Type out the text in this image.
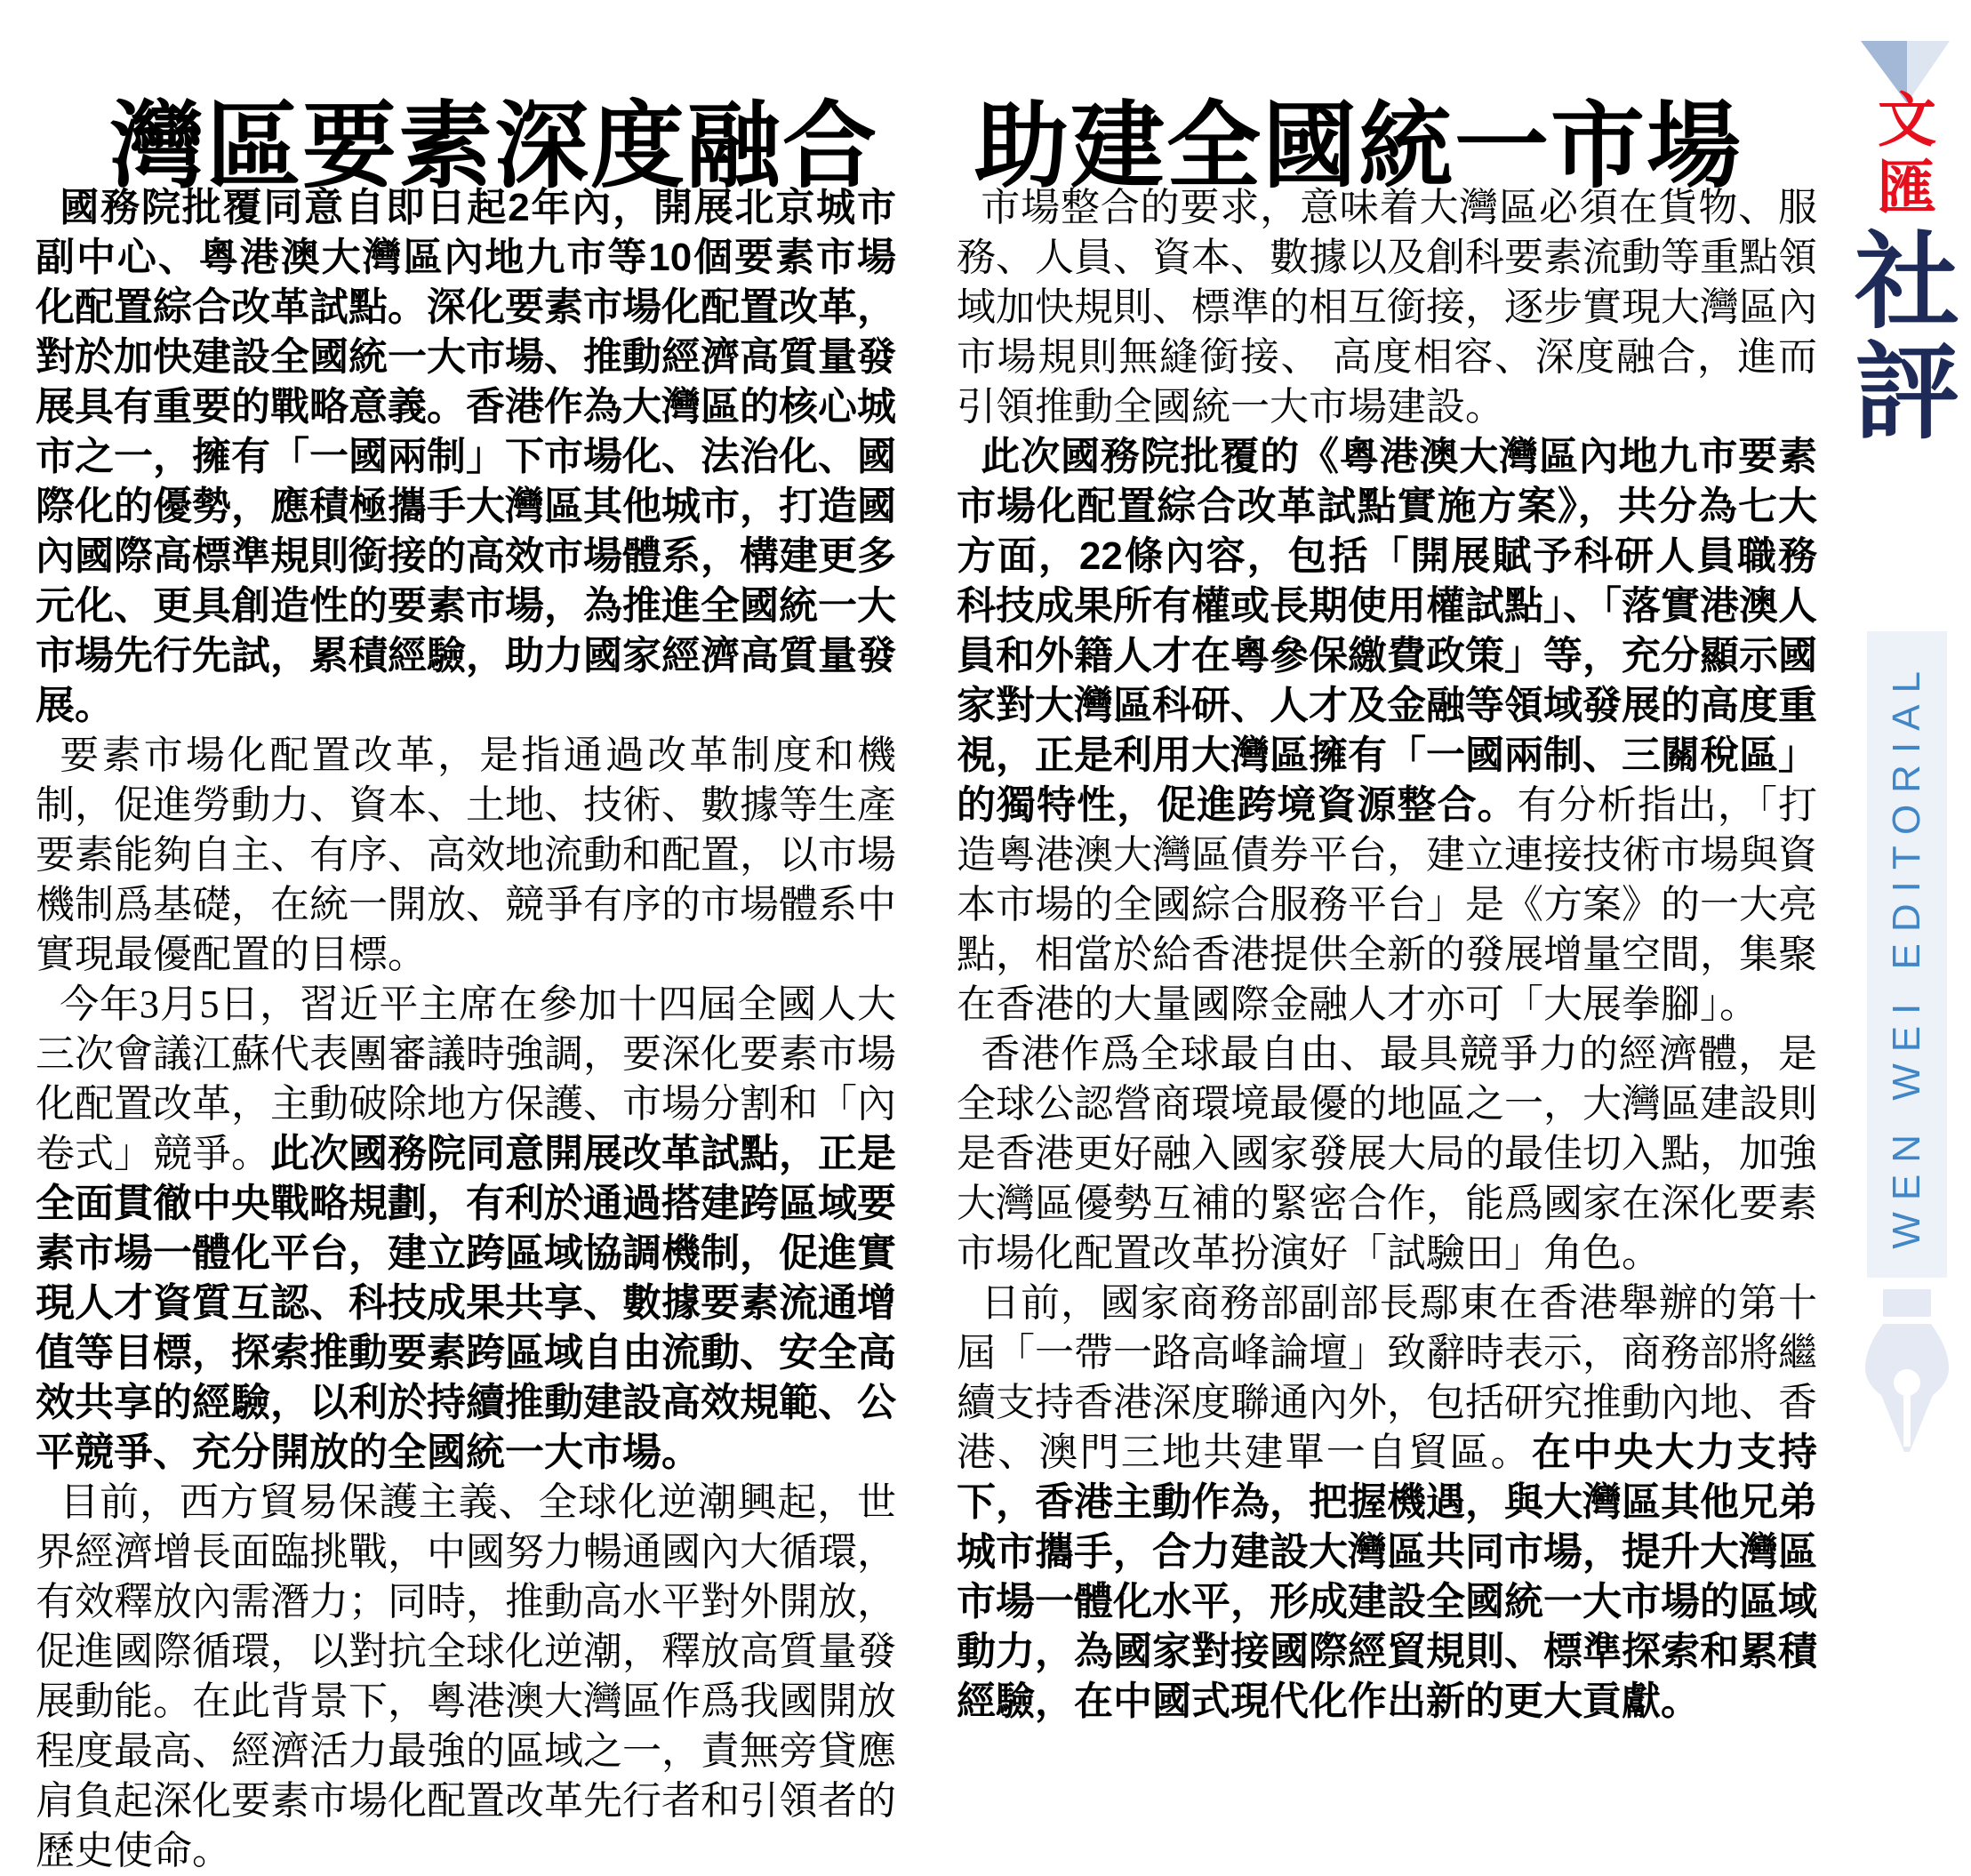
灣區要素深度融合　助建全國統一市場

國務院批覆同意自即日起2年內，開展北京城市副中心、粵港澳大灣區內地九市等10個要素市場化配置綜合改革試點。深化要素市場化配置改革，對於加快建設全國統一大市場、推動經濟高質量發展具有重要的戰略意義。香港作為大灣區的核心城市之一，擁有「一國兩制」下市場化、法治化、國際化的優勢，應積極攜手大灣區其他城市，打造國內國際高標準規則銜接的高效市場體系，構建更多元化、更具創造性的要素市場，為推進全國統一大市場先行先試，累積經驗，助力國家經濟高質量發展。

要素市場化配置改革，是指通過改革制度和機制，促進勞動力、資本、土地、技術、數據等生產要素能夠自主、有序、高效地流動和配置，以市場機制爲基礎，在統一開放、競爭有序的市場體系中實現最優配置的目標。

今年3月5日，習近平主席在參加十四屆全國人大三次會議江蘇代表團審議時強調，要深化要素市場化配置改革，主動破除地方保護、市場分割和「內卷式」競爭。此次國務院同意開展改革試點，正是全面貫徹中央戰略規劃，有利於通過搭建跨區域要素市場一體化平台，建立跨區域協調機制，促進實現人才資質互認、科技成果共享、數據要素流通增值等目標，探索推動要素跨區域自由流動、安全高效共享的經驗，以利於持續推動建設高效規範、公平競爭、充分開放的全國統一大市場。

目前，西方貿易保護主義、全球化逆潮興起，世界經濟增長面臨挑戰，中國努力暢通國內大循環，有效釋放內需潛力；同時，推動高水平對外開放，促進國際循環，以對抗全球化逆潮，釋放高質量發展動能。在此背景下，粵港澳大灣區作爲我國開放程度最高、經濟活力最強的區域之一，責無旁貸應肩負起深化要素市場化配置改革先行者和引領者的歷史使命。

市場整合的要求，意味着大灣區必須在貨物、服務、人員、資本、數據以及創科要素流動等重點領域加快規則、標準的相互銜接，逐步實現大灣區內市場規則無縫銜接、 高度相容、深度融合，進而引領推動全國統一大市場建設。

此次國務院批覆的《粵港澳大灣區內地九市要素市場化配置綜合改革試點實施方案》，共分為七大方面，22條內容，包括「開展賦予科研人員職務科技成果所有權或長期使用權試點」、「落實港澳人員和外籍人才在粵參保繳費政策」等，充分顯示國家對大灣區科研、人才及金融等領域發展的高度重視，正是利用大灣區擁有「一國兩制、三關稅區」的獨特性，促進跨境資源整合。有分析指出，「打造粵港澳大灣區債券平台，建立連接技術市場與資本市場的全國綜合服務平台」是《方案》的一大亮點，相當於給香港提供全新的發展增量空間，集聚在香港的大量國際金融人才亦可「大展拳腳」。

香港作爲全球最自由、最具競爭力的經濟體，是全球公認營商環境最優的地區之一，大灣區建設則是香港更好融入國家發展大局的最佳切入點，加強大灣區優勢互補的緊密合作，能爲國家在深化要素市場化配置改革扮演好「試驗田」角色。

日前，國家商務部副部長鄢東在香港舉辦的第十屆「一帶一路高峰論壇」致辭時表示，商務部將繼續支持香港深度聯通內外，包括研究推動內地、香港、澳門三地共建單一自貿區。在中央大力支持下，香港主動作為，把握機遇，與大灣區其他兄弟城市攜手，合力建設大灣區共同市場，提升大灣區市場一體化水平，形成建設全國統一大市場的區域動力，為國家對接國際經貿規則、標準探索和累積經驗，在中國式現代化作出新的更大貢獻。

文
匯
社
評
WEN WEI EDITORIAL
